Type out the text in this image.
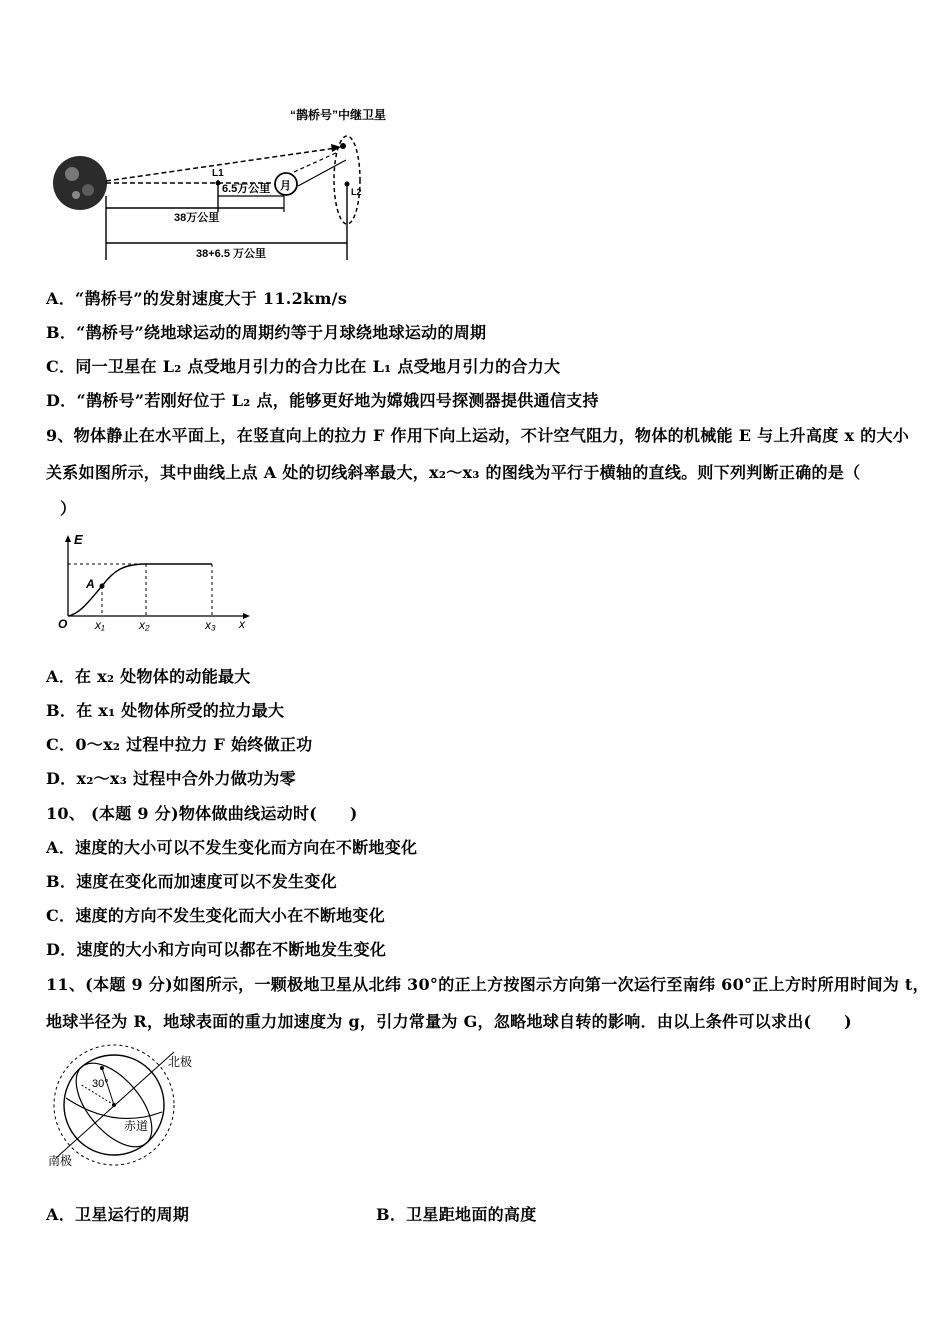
月
L1
L2
“鹊桥号”中继卫星
6.5万公里
38万公里
38+6.5 万公里
A．“鹊桥号”的发射速度大于 11.2km/s
B．“鹊桥号”绕地球运动的周期约等于月球绕地球运动的周期
C．同一卫星在 L₂ 点受地月引力的合力比在 L₁ 点受地月引力的合力大
D．“鹊桥号”若刚好位于 L₂ 点，能够更好地为嫦娥四号探测器提供通信支持
9、物体静止在水平面上，在竖直向上的拉力 F 作用下向上运动，不计空气阻力，物体的机械能 E 与上升高度 x 的大小
关系如图所示，其中曲线上点 A 处的切线斜率最大，x₂～x₃ 的图线为平行于横轴的直线。则下列判断正确的是（
）
E
A
O x₁	x₂	x₃ x
A．在 x₂ 处物体的动能最大
B．在 x₁ 处物体所受的拉力最大
C．0～x₂ 过程中拉力 F 始终做正功
D．x₂～x₃ 过程中合外力做功为零
10、 (本题 9 分)物体做曲线运动时(　　)
A．速度的大小可以不发生变化而方向在不断地变化
B．速度在变化而加速度可以不发生变化
C．速度的方向不发生变化而大小在不断地变化
D．速度的大小和方向可以都在不断地发生变化
11、(本题 9 分)如图所示，一颗极地卫星从北纬 30°的正上方按图示方向第一次运行至南纬 60°正上方时所用时间为 t，
地球半径为 R，地球表面的重力加速度为 g，引力常量为 G，忽略地球自转的影响．由以上条件可以求出(　　)
30°
北极
赤道
南极
A．卫星运行的周期	B．卫星距地面的高度
